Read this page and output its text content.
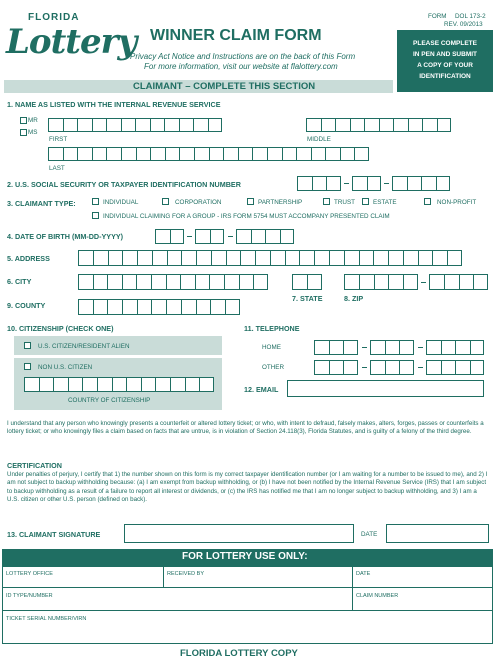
FLORIDA
Lottery
FORM DOL 173-2
REV. 09/2013
WINNER CLAIM FORM
Privacy Act Notice and Instructions are on the back of this Form
For more information, visit our website at flalottery.com
PLEASE COMPLETE
IN PEN AND SUBMIT
A COPY OF YOUR
IDENTIFICATION
CLAIMANT – COMPLETE THIS SECTION
1. NAME AS LISTED WITH THE INTERNAL REVENUE SERVICE
MR
MS
FIRST	MIDDLE
LAST
2. U.S. SOCIAL SECURITY OR TAXPAYER IDENTIFICATION NUMBER
3. CLAIMANT TYPE:	INDIVIDUAL	CORPORATION	PARTNERSHIP	TRUST	ESTATE	NON-PROFIT
INDIVIDUAL CLAIMING FOR A GROUP - IRS FORM 5754 MUST ACCOMPANY PRESENTED CLAIM
4. DATE OF BIRTH (MM-DD-YYYY)
5. ADDRESS
6. CITY
7. STATE	8. ZIP
9. COUNTY
10. CITIZENSHIP (CHECK ONE)
U.S. CITIZEN/RESIDENT ALIEN
NON U.S. CITIZEN
COUNTRY OF CITIZENSHIP
11. TELEPHONE
HOME
OTHER
12. EMAIL
I understand that any person who knowingly presents a counterfeit or altered lottery ticket; or who, with intent to defraud, falsely makes, alters, forges, passes or counterfeits a lottery ticket; or who knowingly files a claim based on facts that are untrue, is in violation of Section 24.118(3), Florida Statutes, and is guilty of a felony of the third degree.
CERTIFICATION
Under penalties of perjury, I certify that 1) the number shown on this form is my correct taxpayer identification number (or I am waiting for a number to be issued to me), and 2) I am not subject to backup withholding because: (a) I am exempt from backup withholding, or (b) I have not been notified by the Internal Revenue Service (IRS) that I am subject to backup withholding as a result of a failure to report all interest or dividends, or (c) the IRS has notified me that I am no longer subject to backup withholding, and 3) I am a U.S. citizen or other U.S. person (defined on back).
13. CLAIMANT SIGNATURE	DATE
FOR LOTTERY USE ONLY:
LOTTERY OFFICE	RECEIVED BY	DATE
ID TYPE/NUMBER	CLAIM NUMBER
TICKET SERIAL NUMBER/VIRN
FLORIDA LOTTERY COPY
